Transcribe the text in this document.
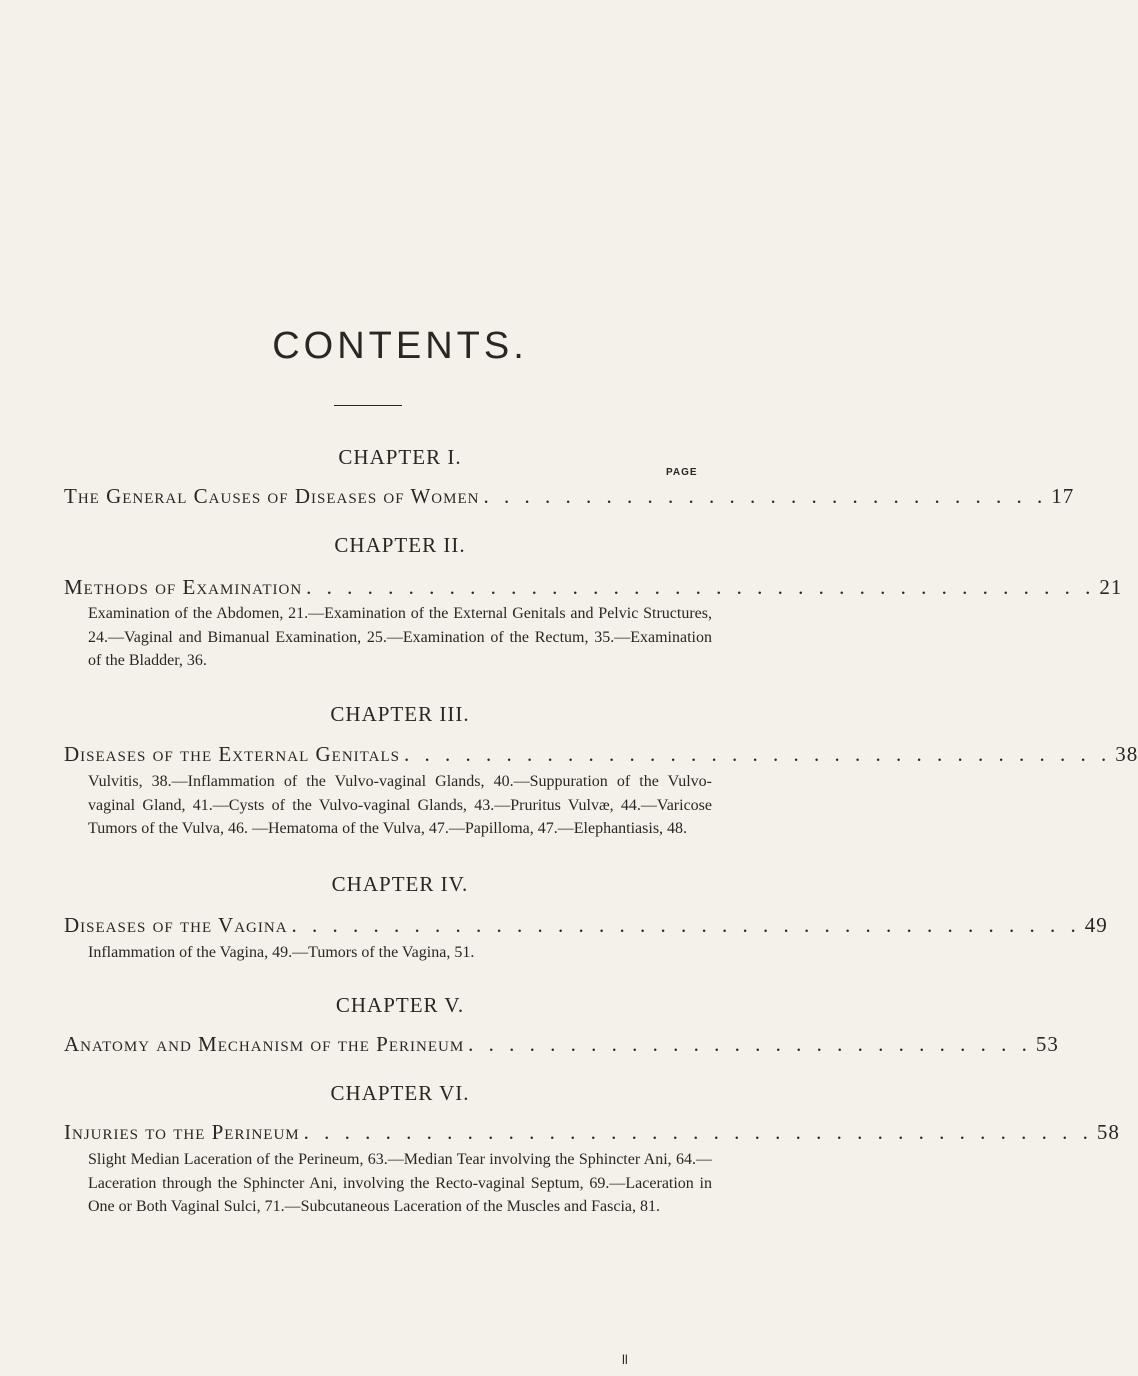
CONTENTS.
CHAPTER I.
PAGE
The General Causes of Diseases of Women . . . . . . . . . . . . . . . . . . . . . . . . . . . . 17
CHAPTER II.
Methods of Examination . . . . . . . . . . . . . . . . . . . . . . . . . . . . . . . . . . . . . . . 21

Examination of the Abdomen, 21.—Examination of the External Genitals and Pelvic Structures, 24.—Vaginal and Bimanual Examination, 25.—Examination of the Rectum, 35.—Examination of the Bladder, 36.

CHAPTER III.
Diseases of the External Genitals . . . . . . . . . . . . . . . . . . . . . . . . . . . . . . . . . . . 38

Vulvitis, 38.—Inflammation of the Vulvo-vaginal Glands, 40.—Suppuration of the Vulvo-vaginal Gland, 41.—Cysts of the Vulvo-vaginal Glands, 43.—Pruritus Vulvæ, 44.—Varicose Tumors of the Vulva, 46. —Hematoma of the Vulva, 47.—Papilloma, 47.—Elephantiasis, 48.

CHAPTER IV.
Diseases of the Vagina . . . . . . . . . . . . . . . . . . . . . . . . . . . . . . . . . . . . . . . 49

Inflammation of the Vagina, 49.—Tumors of the Vagina, 51.

CHAPTER V.
Anatomy and Mechanism of the Perineum . . . . . . . . . . . . . . . . . . . . . . . . . . . . 53
CHAPTER VI.
Injuries to the Perineum . . . . . . . . . . . . . . . . . . . . . . . . . . . . . . . . . . . . . . . 58

Slight Median Laceration of the Perineum, 63.—Median Tear involving the Sphincter Ani, 64.—Laceration through the Sphincter Ani, involving the Recto-vaginal Septum, 69.—Laceration in One or Both Vaginal Sulci, 71.—Subcutaneous Laceration of the Muscles and Fascia, 81.

ll
